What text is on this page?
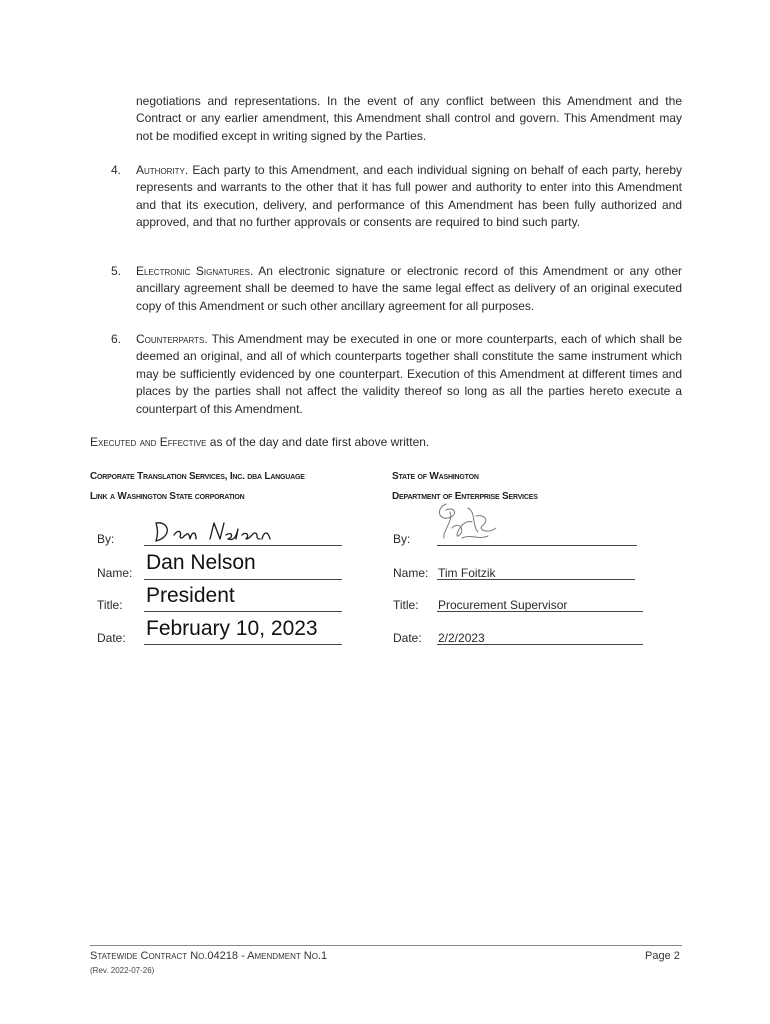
negotiations and representations. In the event of any conflict between this Amendment and the Contract or any earlier amendment, this Amendment shall control and govern. This Amendment may not be modified except in writing signed by the Parties.
4. Authority. Each party to this Amendment, and each individual signing on behalf of each party, hereby represents and warrants to the other that it has full power and authority to enter into this Amendment and that its execution, delivery, and performance of this Amendment has been fully authorized and approved, and that no further approvals or consents are required to bind such party.
5. Electronic Signatures. An electronic signature or electronic record of this Amendment or any other ancillary agreement shall be deemed to have the same legal effect as delivery of an original executed copy of this Amendment or such other ancillary agreement for all purposes.
6. Counterparts. This Amendment may be executed in one or more counterparts, each of which shall be deemed an original, and all of which counterparts together shall constitute the same instrument which may be sufficiently evidenced by one counterpart. Execution of this Amendment at different times and places by the parties shall not affect the validity thereof so long as all the parties hereto execute a counterpart of this Amendment.
Executed and Effective as of the day and date first above written.
Corporate Translation Services, Inc. dba Language
Link a Washington State corporation
State of Washington
Department of Enterprise Services
By:
Name: Dan Nelson
Title: President
Date: February 10, 2023
By:
Name: Tim Foitzik
Title: Procurement Supervisor
Date: 2/2/2023
Statewide Contract No.04218 - Amendment No.1
(Rev. 2022-07-26)
Page 2
